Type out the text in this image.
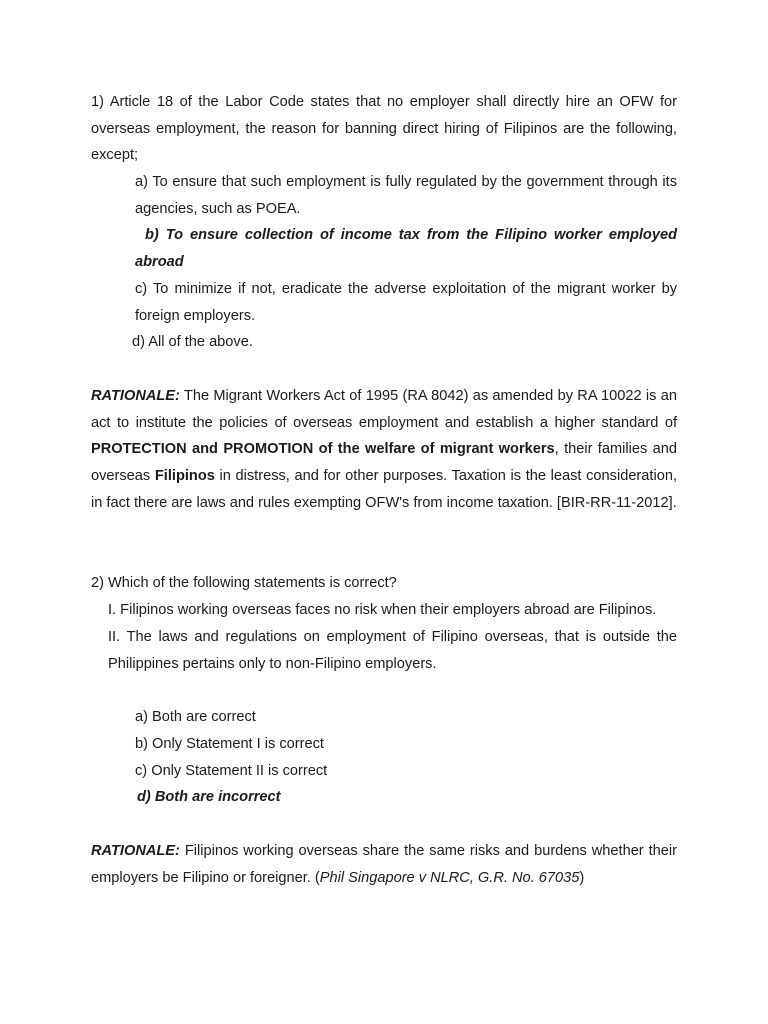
1) Article 18 of the Labor Code states that no employer shall directly hire an OFW for overseas employment, the reason for banning direct hiring of Filipinos are the following, except;

a) To ensure that such employment is fully regulated by the government through its agencies, such as POEA.

b) To ensure collection of income tax from the Filipino worker employed abroad

c) To minimize if not, eradicate the adverse exploitation of the migrant worker by foreign employers.

d) All of the above.

RATIONALE: The Migrant Workers Act of 1995 (RA 8042) as amended by RA 10022 is an act to institute the policies of overseas employment and establish a higher standard of PROTECTION and PROMOTION of the welfare of migrant workers, their families and overseas Filipinos in distress, and for other purposes. Taxation is the least consideration, in fact there are laws and rules exempting OFW's from income taxation. [BIR-RR-11-2012].

2) Which of the following statements is correct?

I. Filipinos working overseas faces no risk when their employers abroad are Filipinos.

II. The laws and regulations on employment of Filipino overseas, that is outside the Philippines pertains only to non-Filipino employers.

a) Both are correct

b) Only Statement I is correct

c) Only Statement II is correct

d) Both are incorrect

RATIONALE: Filipinos working overseas share the same risks and burdens whether their employers be Filipino or foreigner. (Phil Singapore v NLRC, G.R. No. 67035)
